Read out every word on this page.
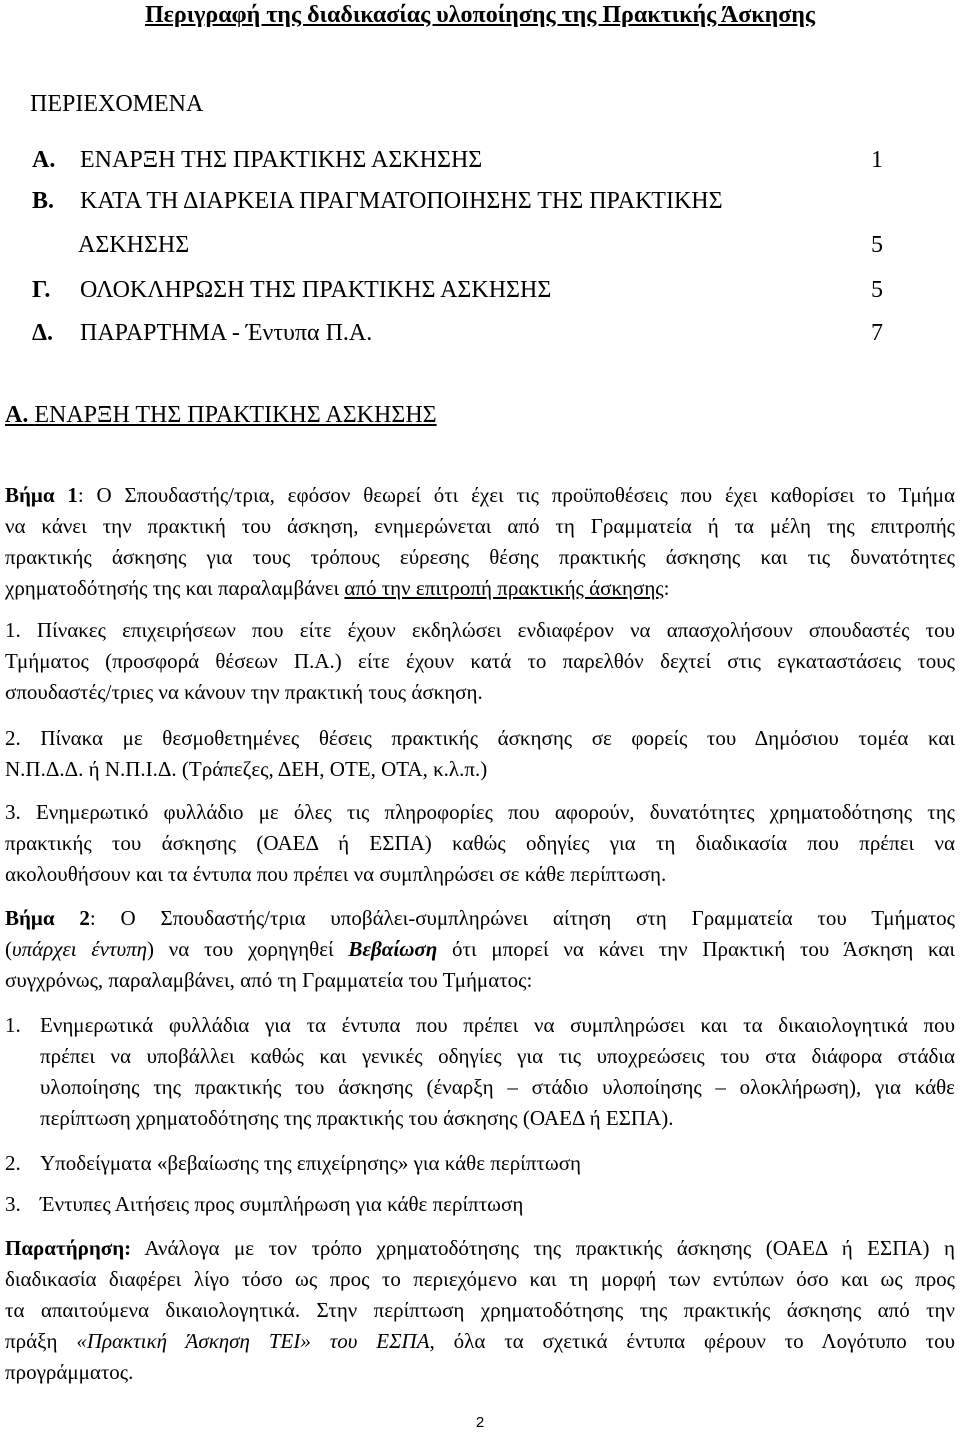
Περιγραφή της διαδικασίας υλοποίησης της Πρακτικής Άσκησης
ΠΕΡΙΕΧΟΜΕΝΑ
Α. ΕΝΑΡΞΗ ΤΗΣ ΠΡΑΚΤΙΚΗΣ ΑΣΚΗΣΗΣ	1
Β. ΚΑΤΑ ΤΗ ΔΙΑΡΚΕΙΑ ΠΡΑΓΜΑΤΟΠΟΙΗΣΗΣ ΤΗΣ ΠΡΑΚΤΙΚΗΣ
ΑΣΚΗΣΗΣ	5
Γ. ΟΛΟΚΛΗΡΩΣΗ ΤΗΣ ΠΡΑΚΤΙΚΗΣ ΑΣΚΗΣΗΣ	5
Δ. ΠΑΡΑΡΤΗΜΑ - Έντυπα Π.Α.	7
Α. ΕΝΑΡΞΗ ΤΗΣ ΠΡΑΚΤΙΚΗΣ ΑΣΚΗΣΗΣ
Βήμα 1: Ο Σπουδαστής/τρια, εφόσον θεωρεί ότι έχει τις προϋποθέσεις που έχει καθορίσει το Τμήμα
να κάνει την πρακτική του άσκηση, ενημερώνεται από τη Γραμματεία ή τα μέλη της επιτροπής
πρακτικής άσκησης για τους τρόπους εύρεσης θέσης πρακτικής άσκησης και τις δυνατότητες
χρηματοδότησής της και παραλαμβάνει από την επιτροπή πρακτικής άσκησης:
1. Πίνακες επιχειρήσεων που είτε έχουν εκδηλώσει ενδιαφέρον να απασχολήσουν σπουδαστές του
Τμήματος (προσφορά θέσεων Π.Α.) είτε έχουν κατά το παρελθόν δεχτεί στις εγκαταστάσεις τους
σπουδαστές/τριες να κάνουν την πρακτική τους άσκηση.
2. Πίνακα με θεσμοθετημένες θέσεις πρακτικής άσκησης σε φορείς του Δημόσιου τομέα και
Ν.Π.Δ.Δ. ή Ν.Π.Ι.Δ. (Τράπεζες, ΔΕΗ, ΟΤΕ, ΟΤΑ, κ.λ.π.)
3. Ενημερωτικό φυλλάδιο με όλες τις πληροφορίες που αφορούν, δυνατότητες χρηματοδότησης της
πρακτικής του άσκησης (ΟΑΕΔ ή ΕΣΠΑ) καθώς οδηγίες για τη διαδικασία που πρέπει να
ακολουθήσουν και τα έντυπα που πρέπει να συμπληρώσει σε κάθε περίπτωση.
Βήμα 2: Ο Σπουδαστής/τρια υποβάλει-συμπληρώνει αίτηση στη Γραμματεία του Τμήματος
(υπάρχει έντυπη) να του χορηγηθεί Βεβαίωση ότι μπορεί να κάνει την Πρακτική του Άσκηση και
συγχρόνως, παραλαμβάνει, από τη Γραμματεία του Τμήματος:
1. Ενημερωτικά φυλλάδια για τα έντυπα που πρέπει να συμπληρώσει και τα δικαιολογητικά που
πρέπει να υποβάλλει καθώς και γενικές οδηγίες για τις υποχρεώσεις του στα διάφορα στάδια
υλοποίησης της πρακτικής του άσκησης (έναρξη – στάδιο υλοποίησης – ολοκλήρωση), για κάθε
περίπτωση χρηματοδότησης της πρακτικής του άσκησης (ΟΑΕΔ ή ΕΣΠΑ).
2. Υποδείγματα «βεβαίωσης της επιχείρησης» για κάθε περίπτωση
3. Έντυπες Αιτήσεις προς συμπλήρωση για κάθε περίπτωση
Παρατήρηση: Ανάλογα με τον τρόπο χρηματοδότησης της πρακτικής άσκησης (ΟΑΕΔ ή ΕΣΠΑ) η
διαδικασία διαφέρει λίγο τόσο ως προς το περιεχόμενο και τη μορφή των εντύπων όσο και ως προς
τα απαιτούμενα δικαιολογητικά. Στην περίπτωση χρηματοδότησης της πρακτικής άσκησης από την
πράξη «Πρακτική Άσκηση ΤΕΙ» του ΕΣΠΑ, όλα τα σχετικά έντυπα φέρουν το Λογότυπο του
προγράμματος.
2
